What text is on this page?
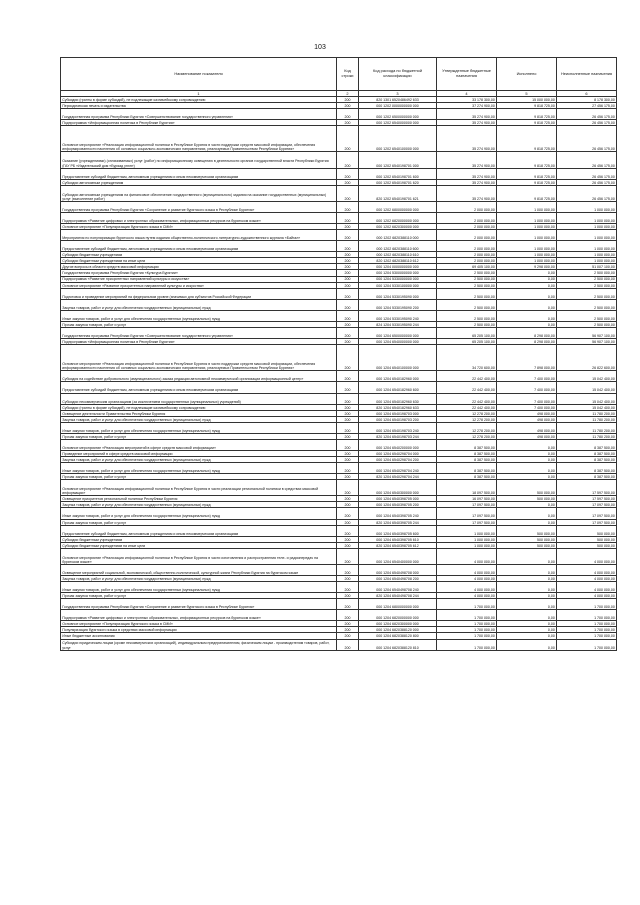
103
Наименование показателя	Код строки	Код расхода по бюджетной классификации	Утвержденные бюджетные назначения	Исполнено	Неисполненные назначения
1	2	3	4	5	6
Субсидии (гранты в форме субсидий), не подлежащие казначейскому сопровождению	200	820 1301 6520486492 633	33 178 300,00	15 000 000,00	8 178 300,00
Периодическая печать и издательства	200	000 1202 0000000000 000	37 274 900,00	9 818 725,00	27 456 175,00
Государственная программа Республики Бурятия «Совершенствование государственного управления»	200	000 1202 6500000000 000	35 274 900,00	9 818 725,00	26 456 175,00
Подпрограмма «Информационная политика в Республике Бурятия»	200	000 1202 6540000000 000	35 274 900,00	9 818 725,00	26 456 175,00
Основное мероприятие «Реализация информационной политики в Республике Бурятия в части поддержки средств массовой информации, обеспечения информированности населения об основных социально-экономических направлениях, реализуемых Правительством Республики Бурятия»	200	000 1202 6540100000 000	35 274 900,00	9 818 725,00	26 456 175,00
Оказание (учреждениями) (оплачиваемых) услуг (работ) по информационному освещению в деятельности органов государственной власти Республики Бурятия (ГАУ РБ «Издательский дом «Буряад унэн»)	200	000 1202 6540198701 000	35 274 900,00	9 818 725,00	26 456 175,00
Предоставление субсидий бюджетным, автономным учреждениям и иным некоммерческим организациям	200	000 1202 6540198701 600	35 274 900,00	9 818 725,00	26 456 175,00
Субсидии автономным учреждениям	200	000 1202 6540198701 620	35 274 900,00	9 818 725,00	26 456 175,00
Субсидии автономным учреждениям на финансовое обеспечение государственного (муниципального) задания на оказание государственных (муниципальных) услуг (выполнение работ)	200	820 1202 6540198701 621	35 274 900,00	9 818 725,00	26 456 175,00
Государственная программа Республики Бурятия «Сохранение и развитие бурятского языка в Республике Бурятия»	200	000 1202 6800000000 000	2 000 000,00	1 000 000,00	1 000 000,00
Подпрограмма «Развитие цифровых и электронных образовательных, информационных ресурсов на бурятском языке»	200	000 1202 6820000000 000	2 000 000,00	1 000 000,00	1 000 000,00
Основное мероприятие «Популяризация бурятского языка в СМИ»	200	000 1202 6820300000 000	2 000 000,00	1 000 000,00	1 000 000,00
Мероприятия по популяризации бурятского языка путем издания общественно-политического литературно-художественного журнала «Байгал»	200	000 1202 6820388110 000	2 000 000,00	1 000 000,00	1 000 000,00
Предоставление субсидий бюджетным, автономным учреждениям и иным некоммерческим организациям	200	000 1202 6820388110 600	2 000 000,00	1 000 000,00	1 000 000,00
Субсидии бюджетным учреждениям	200	000 1202 6820388110 610	2 000 000,00	1 000 000,00	1 000 000,00
Субсидии бюджетным учреждениям на иные цели	200	820 1202 6820388110 612	2 000 000,00	1 000 000,00	1 000 000,00
Другие вопросы в области средств массовой информации	200	000 1204 0000000000 000	69 405 100,00	9 298 000,00	51 007 100,00
Государственная программа Республики Бурятия «Культура Бурятии»	200	000 1204 5300000000 000	2 500 000,00	0,00	2 500 000,00
Подпрограмма «Развитие приоритетных направлений культуры и искусства»	200	000 1204 5330000000 000	2 500 000,00	0,00	2 500 000,00
Основное мероприятие «Развитие приоритетных направлений культуры и искусства»	200	000 1204 5330100000 000	2 500 000,00	0,00	2 500 000,00
Подготовка и проведение мероприятий на федеральном уровне (значимых для субъектов Российской Федерации	200	000 1204 5330195090 000	2 500 000,00	0,00	2 500 000,00
Закупка товаров, работ и услуг для обеспечения государственных (муниципальных) нужд	200	000 1204 5330195090 200	2 500 000,00	0,00	2 500 000,00
Иные закупки товаров, работ и услуг для обеспечения государственных (муниципальных) нужд	200	000 1204 5330195090 240	2 500 000,00	0,00	2 500 000,00
Прочая закупка товаров, работ и услуг	200	824 1204 5330195090 244	2 500 000,00	0,00	2 500 000,00
Государственная программа Республики Бурятия «Совершенствование государственного управления»	200	000 1204 6500000000 000	65 205 100,00	8 298 000,00	56 907 100,00
Подпрограмма «Информационная политика в Республике Бурятия»	200	000 1204 6540000000 000	65 205 100,00	8 298 000,00	56 907 100,00
Основное мероприятие «Реализация информационной политики в Республике Бурятия в части поддержки средств массовой информации, обеспечения информированности населения об основных социально-экономических направлениях, реализуемых Правительством Республики Бурятия»	200	000 1204 6540100000 000	34 720 600,00	7 898 000,00	26 822 600,00
Субсидия на содействие добровольного (амуниципального) заказа редакции автономной некоммерческой организации информационный центр»	200	000 1204 6540182960 000	22 442 400,00	7 400 000,00	15 042 400,00
Предоставление субсидий бюджетным, автономным учреждениям и иным некоммерческим организациям	200	000 1204 6540182960 600	22 442 400,00	7 400 000,00	15 042 400,00
Субсидии некоммерческим организациям (за исключением государственных (муниципальных) учреждений)	200	000 1204 6540182960 630	22 442 400,00	7 400 000,00	15 042 400,00
Субсидии (гранты в форме субсидий), не подлежащие казначейскому сопровождению	200	820 1204 6540182960 633	22 442 400,00	7 400 000,00	15 042 400,00
Освещение деятельности Правительства Республики Бурятия	200	000 1204 6540198703 000	12 278 200,00	498 000,00	11 780 200,00
Закупка товаров, работ и услуг для обеспечения государственных (муниципальных) нужд	200	000 1204 6540198703 200	12 278 200,00	498 000,00	11 780 200,00
Иные закупки товаров, работ и услуг для обеспечения государственных (муниципальных) нужд	200	000 1204 6540198703 240	12 278 200,00	498 000,00	11 780 200,00
Прочая закупка товаров, работ и услуг	200	820 1204 6540198703 244	12 278 200,00	498 000,00	11 780 200,00
Основное мероприятие «Реализация мероприятий в сфере средств массовой информации»	200	000 1204 6540200000 000	8 387 500,00	0,00	8 387 500,00
Проведение мероприятий в сфере средств массовой информации	200	000 1204 6540298704 000	8 387 500,00	0,00	8 387 500,00
Закупка товаров, работ и услуг для обеспечения государственных (муниципальных) нужд	200	000 1204 6540298704 200	8 387 500,00	0,00	8 387 500,00
Иные закупки товаров, работ и услуг для обеспечения государственных (муниципальных) нужд	200	000 1204 6540298704 240	8 387 500,00	0,00	8 387 500,00
Прочая закупка товаров, работ и услуг	200	820 1204 6540298704 244	8 387 500,00	0,00	8 387 500,00
Основное мероприятие «Реализация информационной политики в Республике Бурятия в части реализации региональной политики в средствах массовой информации»	200	000 1204 6540300000 000	18 097 500,00	500 000,00	17 597 500,00
Освещение приоритетов региональной политики Республики Бурятия	200	000 1204 6540398705 000	16 097 500,00	500 000,00	17 597 500,00
Закупка товаров, работ и услуг для обеспечения государственных (муниципальных) нужд	200	000 1204 6540398705 200	17 097 500,00	0,00	17 097 500,00
Иные закупки товаров, работ и услуг для обеспечения государственных (муниципальных) нужд	200	000 1204 6540398705 240	17 097 500,00	0,00	17 097 500,00
Прочая закупка товаров, работ и услуг	200	820 1204 6540398705 244	17 097 500,00	0,00	17 097 500,00
Предоставление субсидий бюджетным, автономным учреждениям и иным некоммерческим организациям	200	000 1204 6540398705 600	1 000 000,00	500 000,00	500 000,00
Субсидии бюджетным учреждениям	200	000 1204 6540398705 610	1 000 000,00	500 000,00	500 000,00
Субсидии бюджетным учреждениям на иные цели	200	820 1204 6540398705 612	1 000 000,00	500 000,00	500 000,00
Основное мероприятие «Реализация информационной политики в Республике Бурятия в части изготовления и распространения теле- и радиопередач на бурятском языке»	200	000 1204 6540400000 000	4 000 000,00	0,00	4 000 000,00
Освещение мероприятий социальной, экономической, общественно-политической, культурной жизни Республики Бурятия на бурятском языке	200	000 1204 6540498708 000	4 000 000,00	0,00	4 000 000,00
Закупка товаров, работ и услуг для обеспечения государственных (муниципальных) нужд	200	000 1204 6540498708 200	4 000 000,00	0,00	4 000 000,00
Иные закупки товаров, работ и услуг для обеспечения государственных (муниципальных) нужд	200	000 1204 6540498708 240	4 000 000,00	0,00	4 000 000,00
Прочая закупка товаров, работ и услуг	200	820 1204 6540498708 244	4 000 000,00	0,00	4 000 000,00
Государственная программа Республики Бурятия «Сохранение и развитие бурятского языка в Республике Бурятия»	200	000 1204 6800000000 000	1 700 000,00	0,00	1 700 000,00
Подпрограмма «Развитие цифровых и электронных образовательных, информационных ресурсов на бурятском языке»	200	000 1204 6820000000 000	1 700 000,00	0,00	1 700 000,00
Основное мероприятие «Популяризация бурятского языка в СМИ»	200	000 1204 6820300000 000	1 700 000,00	0,00	1 700 000,00
Популяризация бурятского языка в средствах массовой информации	200	000 1204 6820388120 000	1 700 000,00	0,00	1 700 000,00
Иные бюджетные ассигнования	200	000 1204 6820388120 800	1 700 000,00	0,00	1 700 000,00
Субсидии юридическим лицам (кроме некоммерческих организаций), индивидуальным предпринимателям, физическим лицам - производителям товаров, работ, услуг	200	000 1204 6820388120 810	1 700 000,00	0,00	1 700 000,00
